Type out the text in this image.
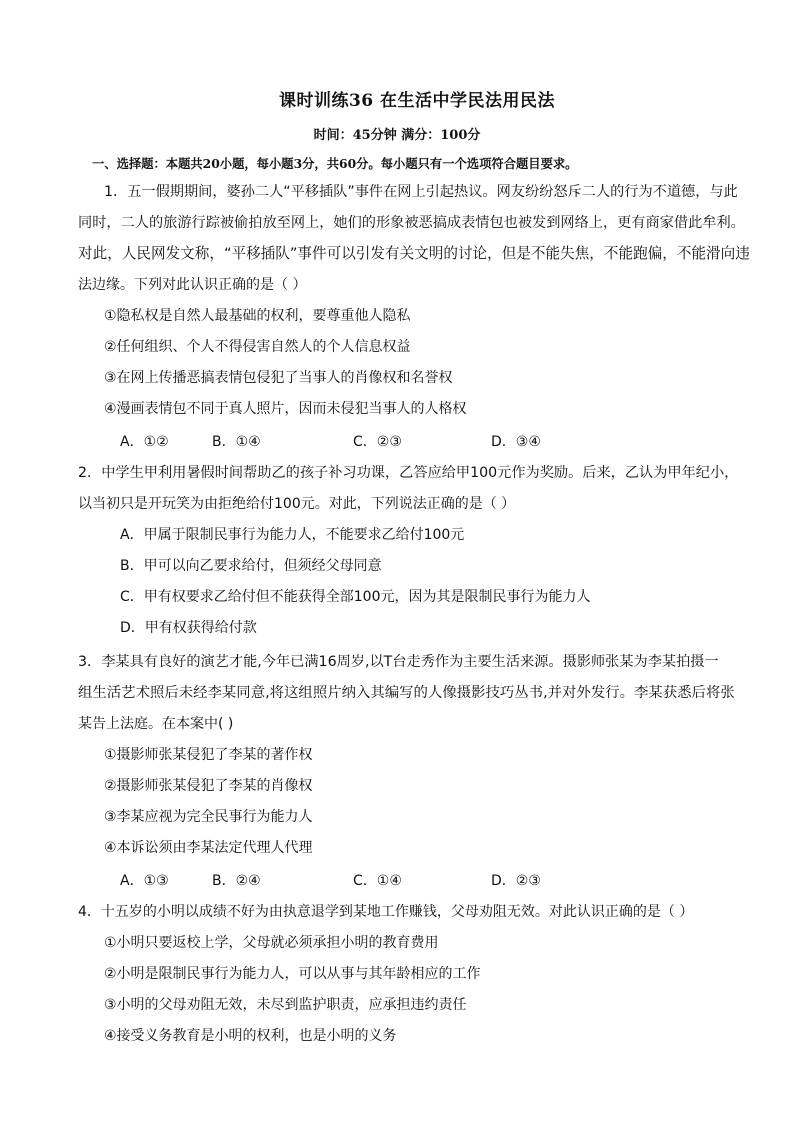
课时训练36 在生活中学民法用民法
时间：45分钟 满分：100分
一、选择题：本题共20小题，每小题3分，共60分。每小题只有一个选项符合题目要求。
1．五一假期期间，婆孙二人“平移插队”事件在网上引起热议。网友纷纷怒斥二人的行为不道德，与此
同时，二人的旅游行踪被偷拍放至网上，她们的形象被恶搞成表情包也被发到网络上，更有商家借此牟利。
对此，人民网发文称，“平移插队”事件可以引发有关文明的讨论，但是不能失焦，不能跑偏，不能滑向违
法边缘。下列对此认识正确的是（ ）
①隐私权是自然人最基础的权利，要尊重他人隐私
②任何组织、个人不得侵害自然人的个人信息权益
③在网上传播恶搞表情包侵犯了当事人的肖像权和名誉权
④漫画表情包不同于真人照片，因而未侵犯当事人的人格权
A．①②	B．①④	C．②③	D．③④
2．中学生甲利用暑假时间帮助乙的孩子补习功课，乙答应给甲100元作为奖励。后来，乙认为甲年纪小，
以当初只是开玩笑为由拒绝给付100元。对此，下列说法正确的是（ ）
A．甲属于限制民事行为能力人，不能要求乙给付100元
B．甲可以向乙要求给付，但须经父母同意
C．甲有权要求乙给付但不能获得全部100元，因为其是限制民事行为能力人
D．甲有权获得给付款
3．李某具有良好的演艺才能,今年已满16周岁,以T台走秀作为主要生活来源。摄影师张某为李某拍摄一
组生活艺术照后未经李某同意,将这组照片纳入其编写的人像摄影技巧丛书,并对外发行。李某获悉后将张
某告上法庭。在本案中( )
①摄影师张某侵犯了李某的著作权
②摄影师张某侵犯了李某的肖像权
③李某应视为完全民事行为能力人
④本诉讼须由李某法定代理人代理
A．①③	B．②④	C．①④	D．②③
4．十五岁的小明以成绩不好为由执意退学到某地工作赚钱，父母劝阻无效。对此认识正确的是（ ）
①小明只要返校上学，父母就必须承担小明的教育费用
②小明是限制民事行为能力人，可以从事与其年龄相应的工作
③小明的父母劝阻无效，未尽到监护职责，应承担违约责任
④接受义务教育是小明的权利，也是小明的义务
